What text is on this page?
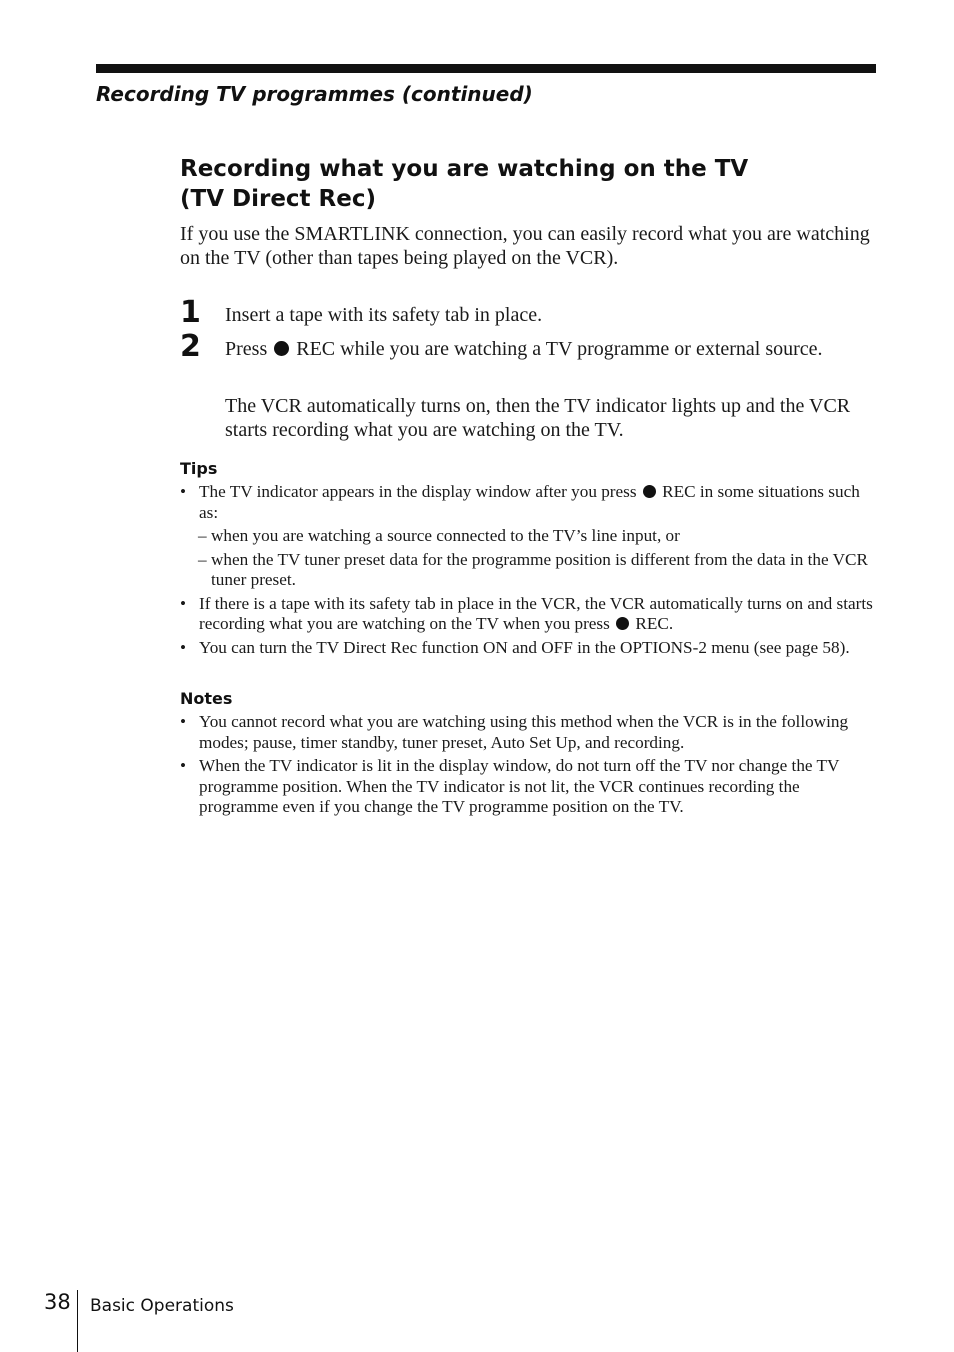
Recording TV programmes (continued)
Recording what you are watching on the TV
(TV Direct Rec)

If you use the SMARTLINK connection, you can easily record what you are watching on the TV (other than tapes being played on the VCR).

1 Insert a tape with its safety tab in place.
2 Press REC while you are watching a TV programme or external source.

The VCR automatically turns on, then the TV indicator lights up and the VCR starts recording what you are watching on the TV.

Tips
• The TV indicator appears in the display window after you press REC in some situations such as:
– when you are watching a source connected to the TV’s line input, or
– when the TV tuner preset data for the programme position is different from the data in the VCR tuner preset.
• If there is a tape with its safety tab in place in the VCR, the VCR automatically turns on and starts recording what you are watching on the TV when you press REC.
• You can turn the TV Direct Rec function ON and OFF in the OPTIONS-2 menu (see page 58).
Notes
• You cannot record what you are watching using this method when the VCR is in the following modes; pause, timer standby, tuner preset, Auto Set Up, and recording.
• When the TV indicator is lit in the display window, do not turn off the TV nor change the TV programme position. When the TV indicator is not lit, the VCR continues recording the programme even if you change the TV programme position on the TV.
38 Basic Operations
